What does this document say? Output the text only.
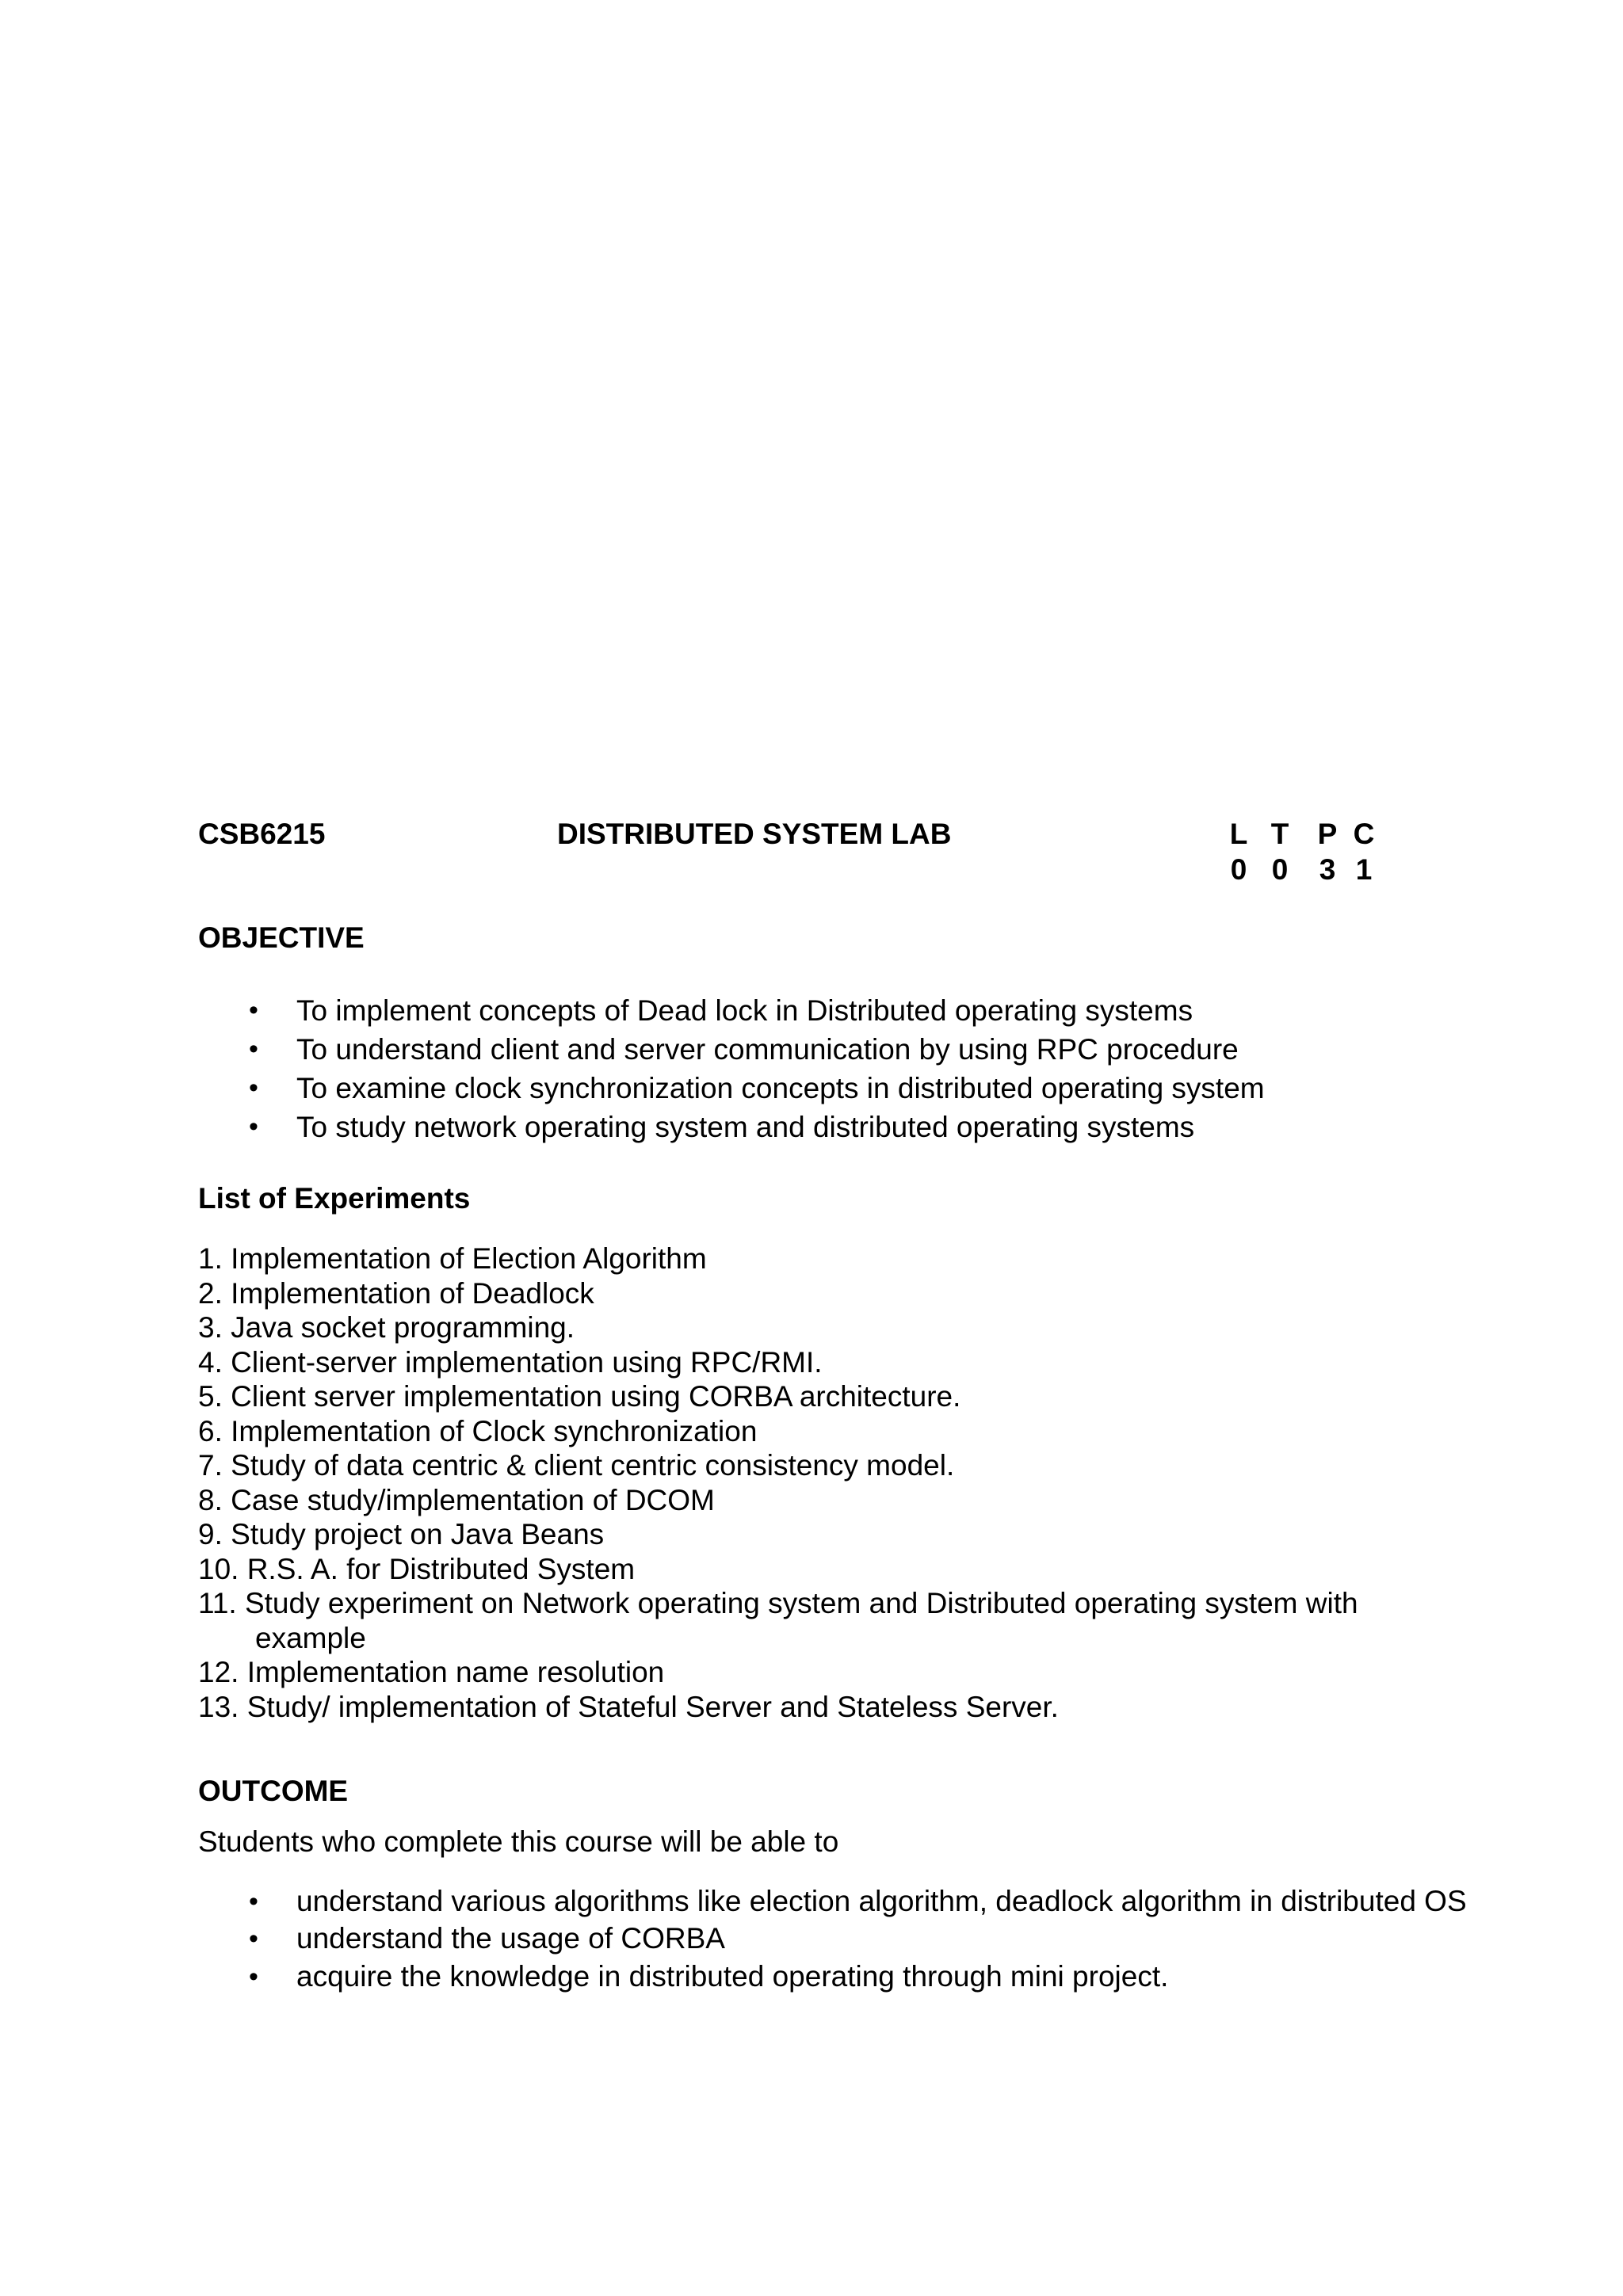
CSB6215	DISTRIBUTED SYSTEM LAB	L T P C
0 0 3 1
OBJECTIVE
• To implement concepts of Dead lock in Distributed operating systems
• To understand client and server communication by using RPC procedure
• To examine clock synchronization concepts in distributed operating system
• To study network operating system and distributed operating systems
List of Experiments
1. Implementation of Election Algorithm
2. Implementation of Deadlock
3. Java socket programming.
4. Client-server implementation using RPC/RMI.
5. Client server implementation using CORBA architecture.
6. Implementation of Clock synchronization
7. Study of data centric & client centric consistency model.
8. Case study/implementation of DCOM
9. Study project on Java Beans
10. R.S. A. for Distributed System
11. Study experiment on Network operating system and Distributed operating system with
example
12. Implementation name resolution
13. Study/ implementation of Stateful Server and Stateless Server.
OUTCOME
Students who complete this course will be able to
• understand various algorithms like election algorithm, deadlock algorithm in distributed OS
• understand the usage of CORBA
• acquire the knowledge in distributed operating through mini project.
